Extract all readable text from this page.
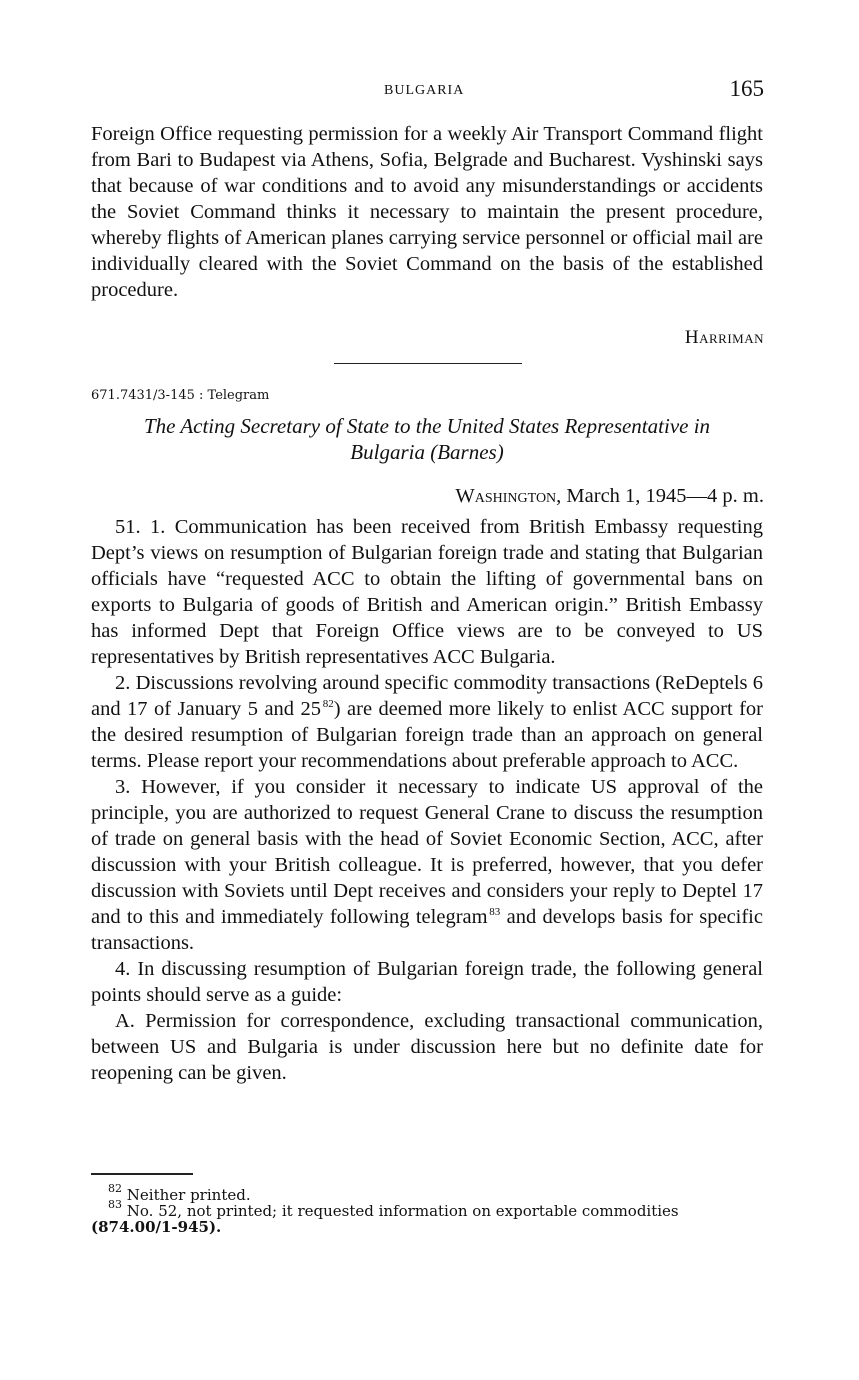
BULGARIA	165

Foreign Office requesting permission for a weekly Air Transport Command flight from Bari to Budapest via Athens, Sofia, Belgrade and Bucharest. Vyshinski says that because of war conditions and to avoid any misunderstandings or accidents the Soviet Command thinks it necessary to maintain the present procedure, whereby flights of American planes carrying service personnel or official mail are individually cleared with the Soviet Command on the basis of the established procedure.

Harriman
671.7431/3-145 : Telegram
The Acting Secretary of State to the United States Representative in
Bulgaria (Barnes)
Washington, March 1, 1945—4 p. m.

51. 1. Communication has been received from British Embassy requesting Dept’s views on resumption of Bulgarian foreign trade and stating that Bulgarian officials have “requested ACC to obtain the lifting of governmental bans on exports to Bulgaria of goods of British and American origin.” British Embassy has informed Dept that Foreign Office views are to be conveyed to US representatives by British representatives ACC Bulgaria.

2. Discussions revolving around specific commodity transactions (ReDeptels 6 and 17 of January 5 and 25  $^{82}$) are deemed more likely to enlist ACC support for the desired resumption of Bulgarian foreign trade than an approach on general terms. Please report your recommendations about preferable approach to ACC.

3. However, if you consider it necessary to indicate US approval of the principle, you are authorized to request General Crane to discuss the resumption of trade on general basis with the head of Soviet Economic Section, ACC, after discussion with your British colleague. It is preferred, however, that you defer discussion with Soviets until Dept receives and considers your reply to Deptel 17 and to this and immediately following telegram  $^{83}$ and develops basis for specific transactions.

4. In discussing resumption of Bulgarian foreign trade, the following general points should serve as a guide:

A. Permission for correspondence, excluding transactional communication, between US and Bulgaria is under discussion here but no definite date for reopening can be given.

$^{82}$ Neither printed.

$^{83}$ No. 52, not printed; it requested information on exportable commodities

(874.00/1-945).
